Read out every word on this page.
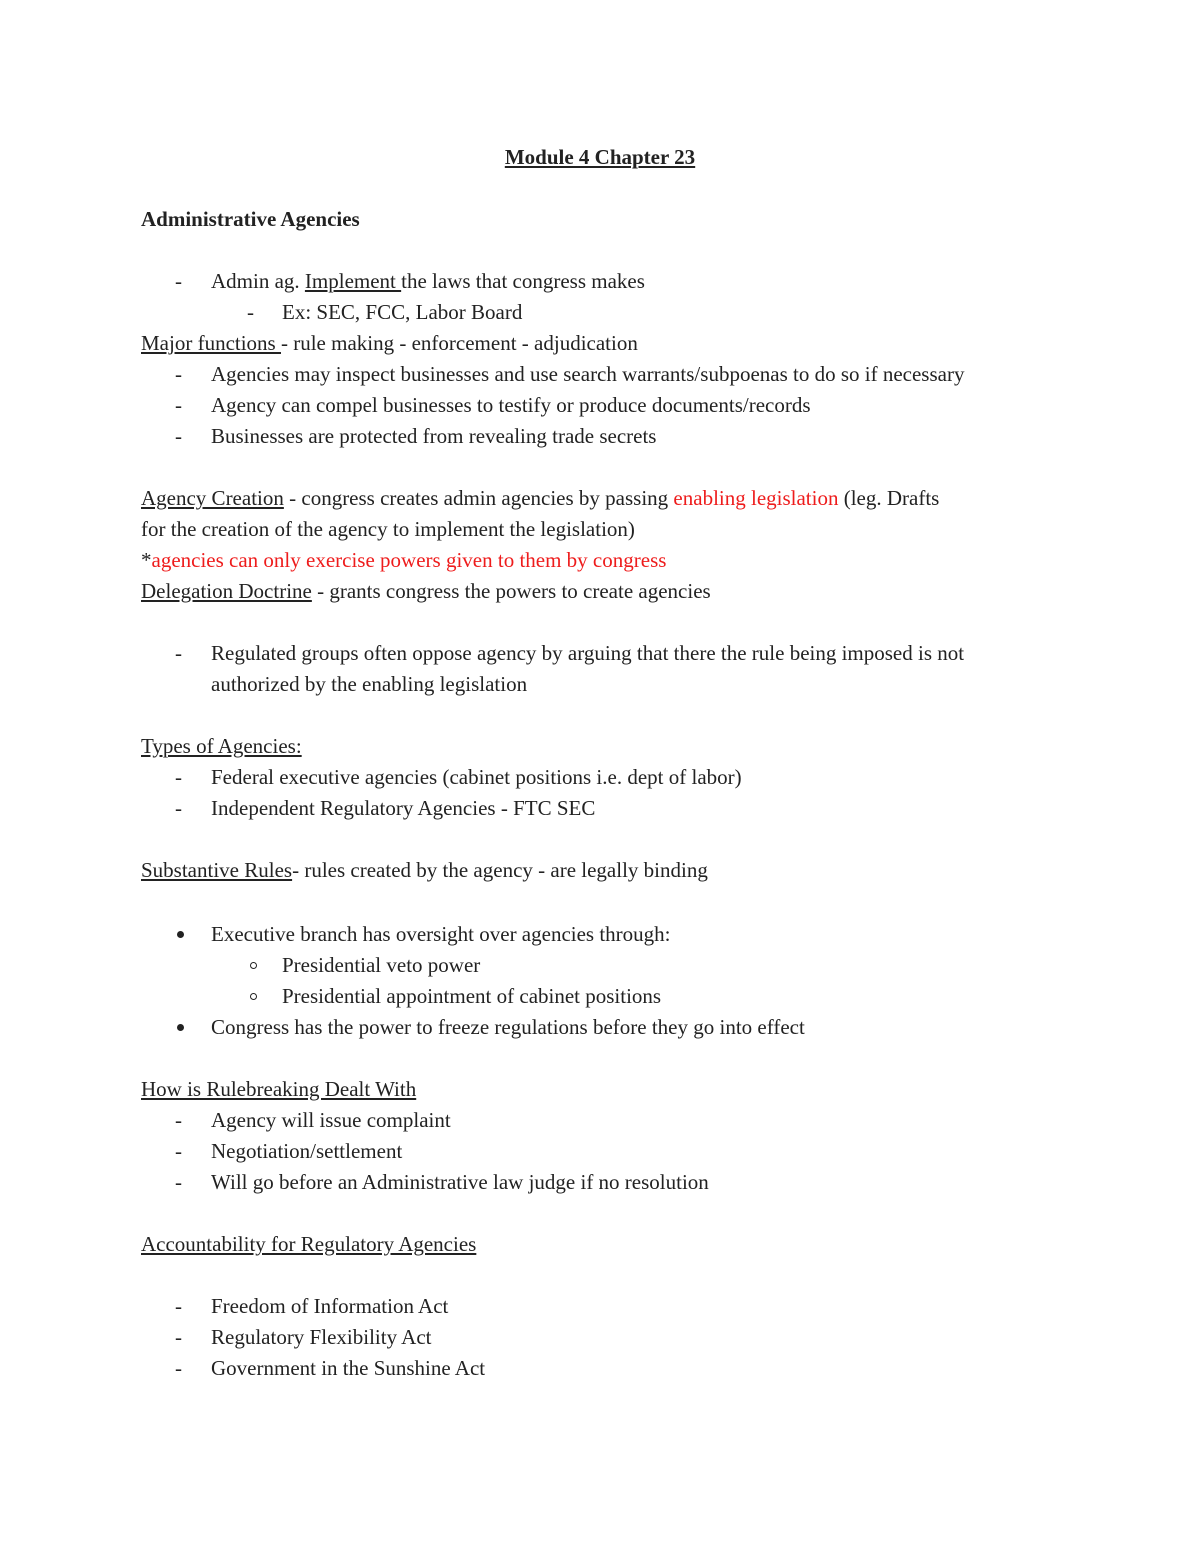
Module 4 Chapter 23
Administrative Agencies
- Admin ag. Implement the laws that congress makes
- Ex: SEC, FCC, Labor Board
Major functions - rule making - enforcement - adjudication
- Agencies may inspect businesses and use search warrants/subpoenas to do so if necessary
- Agency can compel businesses to testify or produce documents/records
- Businesses are protected from revealing trade secrets
Agency Creation - congress creates admin agencies by passing enabling legislation (leg. Drafts
for the creation of the agency to implement the legislation)
*agencies can only exercise powers given to them by congress
Delegation Doctrine - grants congress the powers to create agencies
- Regulated groups often oppose agency by arguing that there the rule being imposed is not
authorized by the enabling legislation
Types of Agencies:
- Federal executive agencies (cabinet positions i.e. dept of labor)
- Independent Regulatory Agencies - FTC SEC
Substantive Rules- rules created by the agency - are legally binding
Executive branch has oversight over agencies through:
Presidential veto power
Presidential appointment of cabinet positions
Congress has the power to freeze regulations before they go into effect
How is Rulebreaking Dealt With
- Agency will issue complaint
- Negotiation/settlement
- Will go before an Administrative law judge if no resolution
Accountability for Regulatory Agencies
- Freedom of Information Act
- Regulatory Flexibility Act
- Government in the Sunshine Act
